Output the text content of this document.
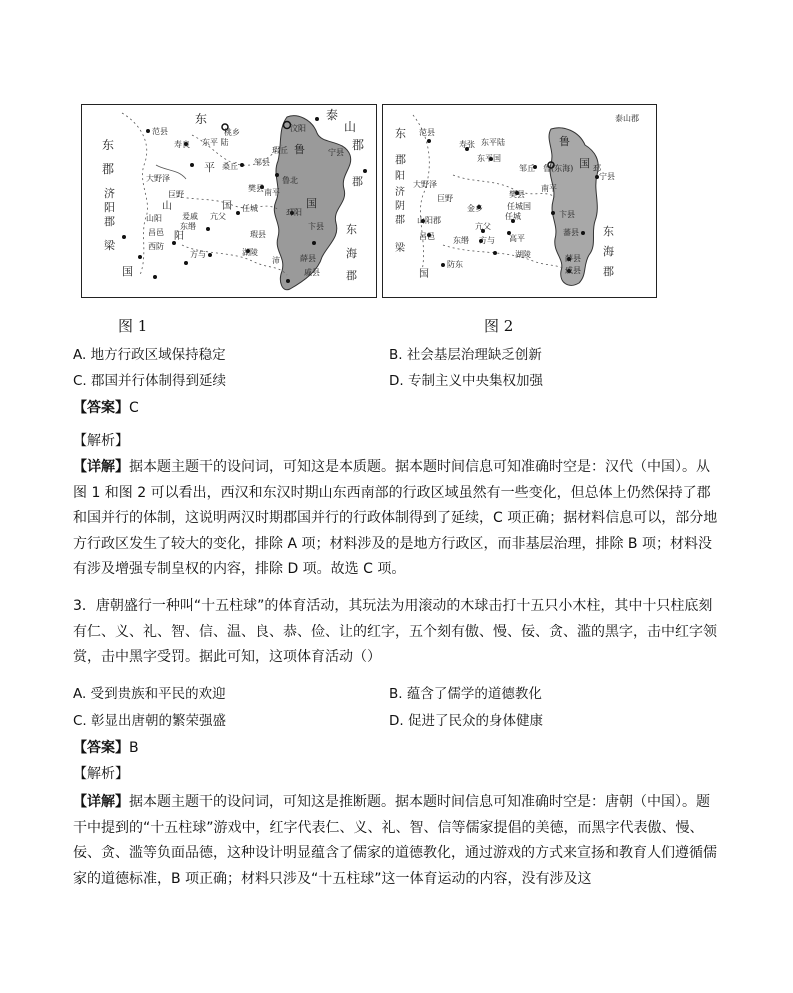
东	泰
山
郡
范县
寿良 东平 陆
桃乡
东
郡
济
阳
郡
梁
国
平
大野泽
巨野
山
阳
山阳	爰戚
东缗
昌邑
西防
方与
桑丘 邹县
樊县
国
亢父
任城
南平
瑕县
湖陵
沛	薛县
戚县
鲁
鲁北
邳阳
国
卞县 东
海
郡
汶阳
宁县
郡
瑕丘
图 1
泰山郡
东
郡
范县
寿张 东平陆
东平国
大野泽
巨野
济
阴
郡 山阳郡
金乡
昌邑 东缗
亢父
方与
任城
任城国
高平
樊县
南平
邹丘 鲁(东海)
鲁
国
宁县
卞县
湖陵	薛县
戚县
防东
国
梁
东
海
郡
邳
蕃县
阳
图 2
A. 地方行政区域保持稳定	B. 社会基层治理缺乏创新
C. 郡国并行体制得到延续	D. 专制主义中央集权加强
【答案】C
【解析】

【详解】据本题主题干的设问词，可知这是本质题。据本题时间信息可知准确时空是：汉代（中国）。从图 1 和图 2 可以看出，西汉和东汉时期山东西南部的行政区域虽然有一些变化，但总体上仍然保持了郡和国并行的体制，这说明两汉时期郡国并行的行政体制得到了延续，C 项正确；据材料信息可以，部分地方行政区发生了较大的变化，排除 A 项；材料涉及的是地方行政区，而非基层治理，排除 B 项；材料没有涉及增强专制皇权的内容，排除 D 项。故选 C 项。

3．唐朝盛行一种叫“十五柱球”的体育活动，其玩法为用滚动的木球击打十五只小木柱，其中十只柱底刻有仁、义、礼、智、信、温、良、恭、俭、让的红字，五个刻有傲、慢、佞、贪、滥的黑字，击中红字领赏，击中黑字受罚。据此可知，这项体育活动（）
A. 受到贵族和平民的欢迎	B. 蕴含了儒学的道德教化
C. 彰显出唐朝的繁荣强盛	D. 促进了民众的身体健康
【答案】B
【解析】

【详解】据本题主题干的设问词，可知这是推断题。据本题时间信息可知准确时空是：唐朝（中国）。题干中提到的“十五柱球”游戏中，红字代表仁、义、礼、智、信等儒家提倡的美德，而黑字代表傲、慢、佞、贪、滥等负面品德，这种设计明显蕴含了儒家的道德教化，通过游戏的方式来宣扬和教育人们遵循儒家的道德标准，B 项正确；材料只涉及“十五柱球”这一体育运动的内容，没有涉及这
